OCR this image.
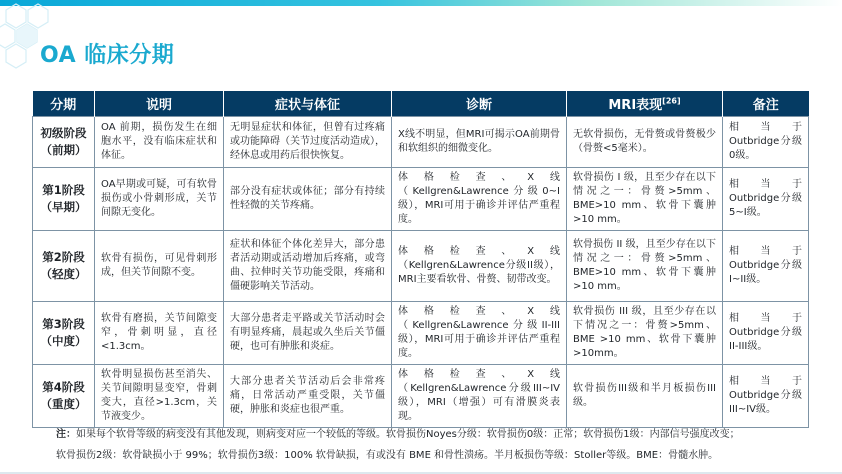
OA 临床分期
分期	说明	症状与体征	诊断	MRI表现[26]	备注
初级阶段
（前期）	OA 前期，损伤发生在细胞水平，没有临床症状和体征。	无明显症状和体征，但曾有过疼痛或功能障碍（关节过度活动造成），经休息或用药后很快恢复。	X线不明显，但MRI可揭示OA前期骨和软组织的细微变化。	无软骨损伤，无骨赘或骨赘极少（骨赘<5毫米）。	相当于Outbridge分级0级。
第1阶段
（早期）	OA早期或可疑，可有软骨损伤或小骨刺形成，关节间隙无变化。	部分没有症状或体征；部分有持续性轻微的关节疼痛。	体格检查、X线（Kellgren&Lawrence分级0~I级），MRI可用于确诊并评估严重程度。	软骨损伤 I 级，且至少存在以下情况之一：骨赘>5mm、BME>10 mm、软骨下囊肿>10 mm。	相当于Outbridge分级5~I级。
第2阶段
（轻度）	软骨有损伤，可见骨刺形成，但关节间隙不变。	症状和体征个体化差异大，部分患者活动期或活动增加后疼痛，或弯曲、拉伸时关节功能受限，疼痛和僵硬影响关节活动。	体格检查、X线（Kellgren&Lawrence分级II级），MRI主要看软骨、骨赘、韧带改变。	软骨损伤 II 级，且至少存在以下情况之一：骨赘>5mm、BME>10 mm、软骨下囊肿>10 mm。	相当于Outbridge分级I~II级。
第3阶段
（中度）	软骨有磨损，关节间隙变窄，骨刺明显，直径<1.3cm。	大部分患者走平路或关节活动时会有明显疼痛，晨起或久坐后关节僵硬，也可有肿胀和炎症。	体格检查、X线（Kellgren&Lawrence分级II-III级），MRI可用于确诊并评估严重程度。	软骨损伤 III 级，且至少存在以下情况之一：骨赘>5mm、BME >10 mm、软骨下囊肿>10mm。	相当于Outbridge分级II-III级。
第4阶段
（重度）	软骨明显损伤甚至消失、关节间隙明显变窄，骨刺变大，直径>1.3cm，关节液变少。	大部分患者关节活动后会非常疼痛，日常活动严重受限，关节僵硬，肿胀和炎症也很严重。	体格检查、X线（Kellgren&Lawrence分级III~IV级），MRI（增强）可有滑膜炎表现。	软骨损伤III级和半月板损伤III级。	相当于Outbridge分级III~IV级。
注：如果每个软骨等级的病变没有其他发现，则病变对应一个较低的等级。软骨损伤Noyes分级：软骨损伤0级：正常；软骨损伤1级：内部信号强度改变；
软骨损伤2级：软骨缺损小于 99%；软骨损伤3级：100% 软骨缺损，有或没有 BME 和骨性溃疡。半月板损伤等级：Stoller等级。BME：骨髓水肿。
